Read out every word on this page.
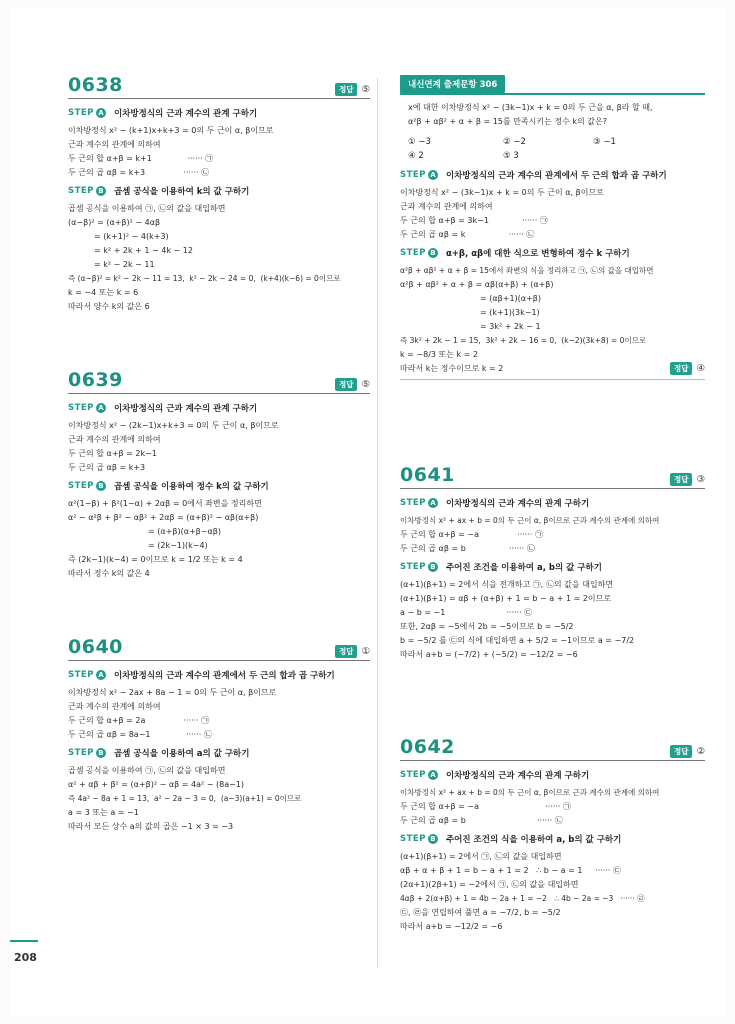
0638	정답 ⑤
STEP A 이차방정식의 근과 계수의 관계 구하기
이차방정식 x² − (k+1)x+k+3 = 0의 두 근이 α, β이므로
근과 계수의 관계에 의하여
두 근의 합 α+β = k+1              ······ ㉠
두 근의 곱 αβ = k+3               ······ ㉡
STEP B 곱셈 공식을 이용하여 k의 값 구하기
곱셈 공식을 이용하여 ㉠, ㉡의 값을 대입하면
(α−β)² = (α+β)² − 4αβ
= (k+1)² − 4(k+3)
= k² + 2k + 1 − 4k − 12
= k² − 2k − 11
즉 (α−β)² = k² − 2k − 11 = 13,  k² − 2k − 24 = 0,  (k+4)(k−6) = 0이므로
k = −4 또는 k = 6
따라서 양수 k의 값은 6
0639	정답 ⑤
STEP A 이차방정식의 근과 계수의 관계 구하기
이차방정식 x² − (2k−1)x+k+3 = 0의 두 근이 α, β이므로
근과 계수의 관계에 의하여
두 근의 합 α+β = 2k−1
두 근의 곱 αβ = k+3
STEP B 곱셈 공식을 이용하여 정수 k의 값 구하기
α²(1−β) + β²(1−α) + 2αβ = 0에서 좌변을 정리하면
α² − α²β + β² − αβ² + 2αβ = (α+β)² − αβ(α+β)
= (α+β)(α+β−αβ)
= (2k−1)(k−4)
즉 (2k−1)(k−4) = 0이므로 k = 1/2 또는 k = 4
따라서 정수 k의 값은 4
0640	정답 ①
STEP A 이차방정식의 근과 계수의 관계에서 두 근의 합과 곱 구하기
이차방정식 x² − 2ax + 8a − 1 = 0의 두 근이 α, β이므로
근과 계수의 관계에 의하여
두 근의 합 α+β = 2a               ······ ㉠
두 근의 곱 αβ = 8a−1              ······ ㉡
STEP B 곱셈 공식을 이용하여 a의 값 구하기
곱셈 공식을 이용하여 ㉠, ㉡의 값을 대입하면
α² + αβ + β² = (α+β)² − αβ = 4a² − (8a−1)
즉 4a² − 8a + 1 = 13,  a² − 2a − 3 = 0,  (a−3)(a+1) = 0이므로
a = 3 또는 a = −1
따라서 모든 상수 a의 값의 곱은 −1 × 3 = −3
내신연계 출제문항 306
x에 대한 이차방정식 x² − (3k−1)x + k = 0의 두 근을 α, β라 할 때,
α²β + αβ² + α + β = 15를 만족시키는 정수 k의 값은?
① −3	② −2	③ −1
④ 2	⑤ 3
STEP A 이차방정식의 근과 계수의 관계에서 두 근의 합과 곱 구하기
이차방정식 x² − (3k−1)x + k = 0의 두 근이 α, β이므로
근과 계수의 관계에 의하여
두 근의 합 α+β = 3k−1             ······ ㉠
두 근의 곱 αβ = k                 ······ ㉡
STEP B α+β, αβ에 대한 식으로 변형하여 정수 k 구하기
α²β + αβ² + α + β = 15에서 좌변의 식을 정리하고 ㉠, ㉡의 값을 대입하면
α²β + αβ² + α + β = αβ(α+β) + (α+β)
= (αβ+1)(α+β)
= (k+1)(3k−1)
= 3k² + 2k − 1
즉 3k² + 2k − 1 = 15,  3k² + 2k − 16 = 0,  (k−2)(3k+8) = 0이므로
k = −8/3 또는 k = 2
따라서 k는 정수이므로 k = 2	정답 ④
0641	정답 ③
STEP A 이차방정식의 근과 계수의 관계 구하기
이차방정식 x² + ax + b = 0의 두 근이 α, β이므로 근과 계수의 관계에 의하여
두 근의 합 α+β = −a               ······ ㉠
두 근의 곱 αβ = b                 ······ ㉡
STEP B 주어진 조건을 이용하여 a, b의 값 구하기
(α+1)(β+1) = 2에서 식을 전개하고 ㉠, ㉡의 값을 대입하면
(α+1)(β+1) = αβ + (α+β) + 1 = b − a + 1 = 2이므로
a − b = −1                        ······ ㉢
또한, 2αβ = −5에서 2b = −5이므로 b = −5/2
b = −5/2 를 ㉢의 식에 대입하면 a + 5/2 = −1이므로 a = −7/2
따라서 a+b = (−7/2) + (−5/2) = −12/2 = −6
0642	정답 ②
STEP A 이차방정식의 근과 계수의 관계 구하기
이차방정식 x² + ax + b = 0의 두 근이 α, β이므로 근과 계수의 관계에 의하여
두 근의 합 α+β = −a                          ······ ㉠
두 근의 곱 αβ = b                            ······ ㉡
STEP B 주어진 조건의 식을 이용하여 a, b의 값 구하기
(α+1)(β+1) = 2에서 ㉠, ㉡의 값을 대입하면
αβ + α + β + 1 = b − a + 1 = 2   ∴ b − a = 1     ······ ㉢
(2α+1)(2β+1) = −2에서 ㉠, ㉡의 값을 대입하면
4αβ + 2(α+β) + 1 = 4b − 2a + 1 = −2   ∴ 4b − 2a = −3   ······ ㉣
㉢, ㉣을 연립하여 풀면 a = −7/2, b = −5/2
따라서 a+b = −12/2 = −6
208
